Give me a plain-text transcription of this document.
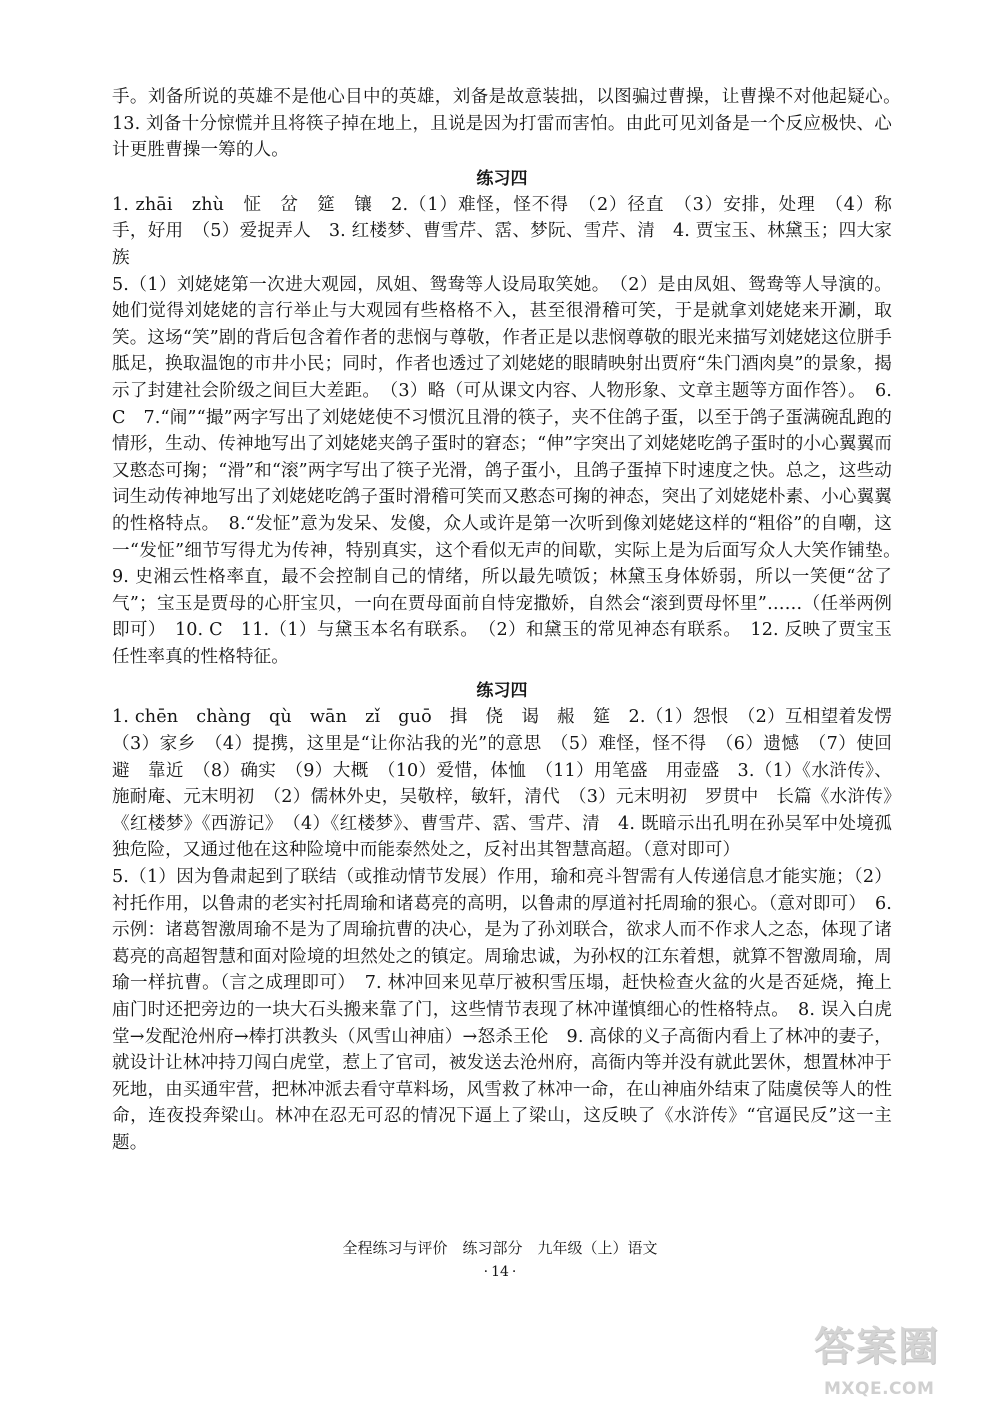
手。刘备所说的英雄不是他心目中的英雄，刘备是故意装拙，以图骗过曹操，让曹操不对他起疑心。　13. 刘备十分惊慌并且将筷子掉在地上，且说是因为打雷而害怕。由此可见刘备是一个反应极快、心计更胜曹操一筹的人。

练习四

1. zhāi　zhù　怔　岔　筵　镶　2.（1）难怪，怪不得　（2）径直　（3）安排，处理　（4）称手，好用　（5）爱捉弄人　3. 红楼梦、曹雪芹、霑、梦阮、雪芹、清　4. 贾宝玉、林黛玉；四大家族

5.（1）刘姥姥第一次进大观园，凤姐、鸳鸯等人设局取笑她。　（2）是由凤姐、鸳鸯等人导演的。她们觉得刘姥姥的言行举止与大观园有些格格不入，甚至很滑稽可笑，于是就拿刘姥姥来开涮，取笑。这场“笑”剧的背后包含着作者的悲悯与尊敬，作者正是以悲悯尊敬的眼光来描写刘姥姥这位胼手胝足，换取温饱的市井小民；同时，作者也透过了刘姥姥的眼睛映射出贾府“朱门酒肉臭”的景象，揭示了封建社会阶级之间巨大差距。　（3）略（可从课文内容、人物形象、文章主题等方面作答）。　6. C　7.“闹”“撮”两字写出了刘姥姥使不习惯沉且滑的筷子，夹不住鸽子蛋，以至于鸽子蛋满碗乱跑的情形，生动、传神地写出了刘姥姥夹鸽子蛋时的窘态；“伸”字突出了刘姥姥吃鸽子蛋时的小心翼翼而又憨态可掬；“滑”和“滚”两字写出了筷子光滑，鸽子蛋小，且鸽子蛋掉下时速度之快。总之，这些动词生动传神地写出了刘姥姥吃鸽子蛋时滑稽可笑而又憨态可掬的神态，突出了刘姥姥朴素、小心翼翼的性格特点。　8.“发怔”意为发呆、发傻，众人或许是第一次听到像刘姥姥这样的“粗俗”的自嘲，这一“发怔”细节写得尤为传神，特别真实，这个看似无声的间歇，实际上是为后面写众人大笑作铺垫。　9. 史湘云性格率直，最不会控制自己的情绪，所以最先喷饭；林黛玉身体娇弱，所以一笑便“岔了气”；宝玉是贾母的心肝宝贝，一向在贾母面前自恃宠撒娇，自然会“滚到贾母怀里”……（任举两例即可）　10. C　11.（1）与黛玉本名有联系。　（2）和黛玉的常见神态有联系。　12. 反映了贾宝玉任性率真的性格特征。

练习四

1. chēn　chàng　qù　wān　zǐ　guō　揖　侥　谒　赧　筵　2.（1）怨恨　（2）互相望着发愣　（3）家乡　（4）提携，这里是“让你沾我的光”的意思　（5）难怪，怪不得　（6）遗憾　（7）使回避　靠近　（8）确实　（9）大概　（10）爱惜，体恤　（11）用笔盛　用壶盛　3.（1）《水浒传》、施耐庵、元末明初　（2）儒林外史，吴敬梓，敏轩，清代　（3）元末明初　罗贯中　长篇《水浒传》《红楼梦》《西游记》　（4）《红楼梦》、曹雪芹、霑、雪芹、清　4. 既暗示出孔明在孙吴军中处境孤独危险，又通过他在这种险境中而能泰然处之，反衬出其智慧高超。（意对即可）

5.（1）因为鲁肃起到了联结（或推动情节发展）作用，瑜和亮斗智需有人传递信息才能实施；（2）衬托作用，以鲁肃的老实衬托周瑜和诸葛亮的高明，以鲁肃的厚道衬托周瑜的狠心。（意对即可）　6. 示例：诸葛智激周瑜不是为了周瑜抗曹的决心，是为了孙刘联合，欲求人而不作求人之态，体现了诸葛亮的高超智慧和面对险境的坦然处之的镇定。周瑜忠诚，为孙权的江东着想，就算不智激周瑜，周瑜一样抗曹。（言之成理即可）　7. 林冲回来见草厅被积雪压塌，赶快检查火盆的火是否延烧，掩上庙门时还把旁边的一块大石头搬来靠了门，这些情节表现了林冲谨慎细心的性格特点。　8. 误入白虎堂→发配沧州府→棒打洪教头（风雪山神庙）→怒杀王伦　9. 高俅的义子高衙内看上了林冲的妻子，就设计让林冲持刀闯白虎堂，惹上了官司，被发送去沧州府，高衙内等并没有就此罢休，想置林冲于死地，由买通牢营，把林冲派去看守草料场，风雪救了林冲一命，在山神庙外结束了陆虞侯等人的性命，连夜投奔梁山。林冲在忍无可忍的情况下逼上了梁山，这反映了《水浒传》“官逼民反”这一主题。

全程练习与评价　练习部分　九年级（上）语文
· 14 ·
答案圈
MXQE.COM
